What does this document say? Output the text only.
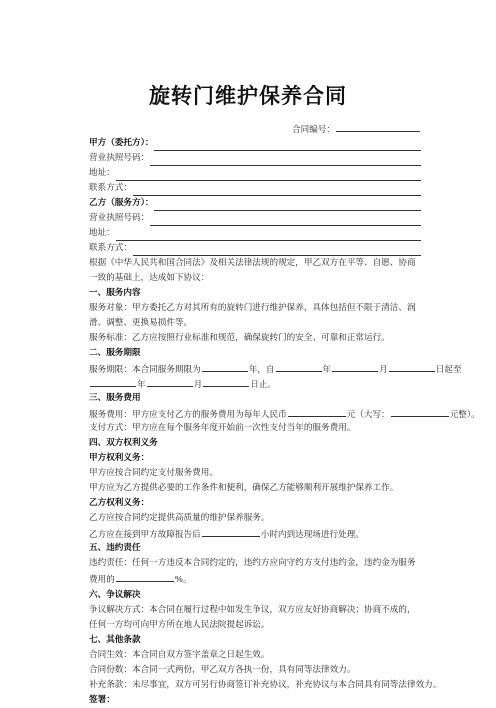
旋转门维护保养合同
合同编号：
甲方（委托方）：
营业执照号码：
地址：
联系方式：
乙方（服务方）：
营业执照号码：
地址：
联系方式：
根据《中华人民共和国合同法》及相关法律法规的规定，甲乙双方在平等、自愿、协商一致的基础上，达成如下协议：
一、服务内容
服务对象：甲方委托乙方对其所有的旋转门进行维护保养，具体包括但不限于清洁、润滑、调整、更换易损件等。
服务标准：乙方应按照行业标准和规范，确保旋转门的安全、可靠和正常运行。
二、服务期限
服务期限：本合同服务期限为	年，自	年	月	日起至
年	月	日止。
三、服务费用
服务费用：甲方应支付乙方的服务费用为每年人民币	元（大写：	元整）。
支付方式：甲方应在每个服务年度开始前一次性支付当年的服务费用。
四、双方权利义务
甲方权利义务：
甲方应按合同约定支付服务费用。
甲方应为乙方提供必要的工作条件和便利，确保乙方能够顺利开展维护保养工作。
乙方权利义务：
乙方应按合同约定提供高质量的维护保养服务。
乙方应在接到甲方故障报告后	小时内到达现场进行处理。
五、违约责任
违约责任：任何一方违反本合同约定的，违约方应向守约方支付违约金，违约金为服务费用的	%。
六、争议解决
争议解决方式：本合同在履行过程中如发生争议，双方应友好协商解决；协商不成的，任何一方均可向甲方所在地人民法院提起诉讼。
七、其他条款
合同生效：本合同自双方签字盖章之日起生效。
合同份数：本合同一式两份，甲乙双方各执一份，具有同等法律效力。
补充条款：未尽事宜，双方可另行协商签订补充协议，补充协议与本合同具有同等法律效力。
签署：
